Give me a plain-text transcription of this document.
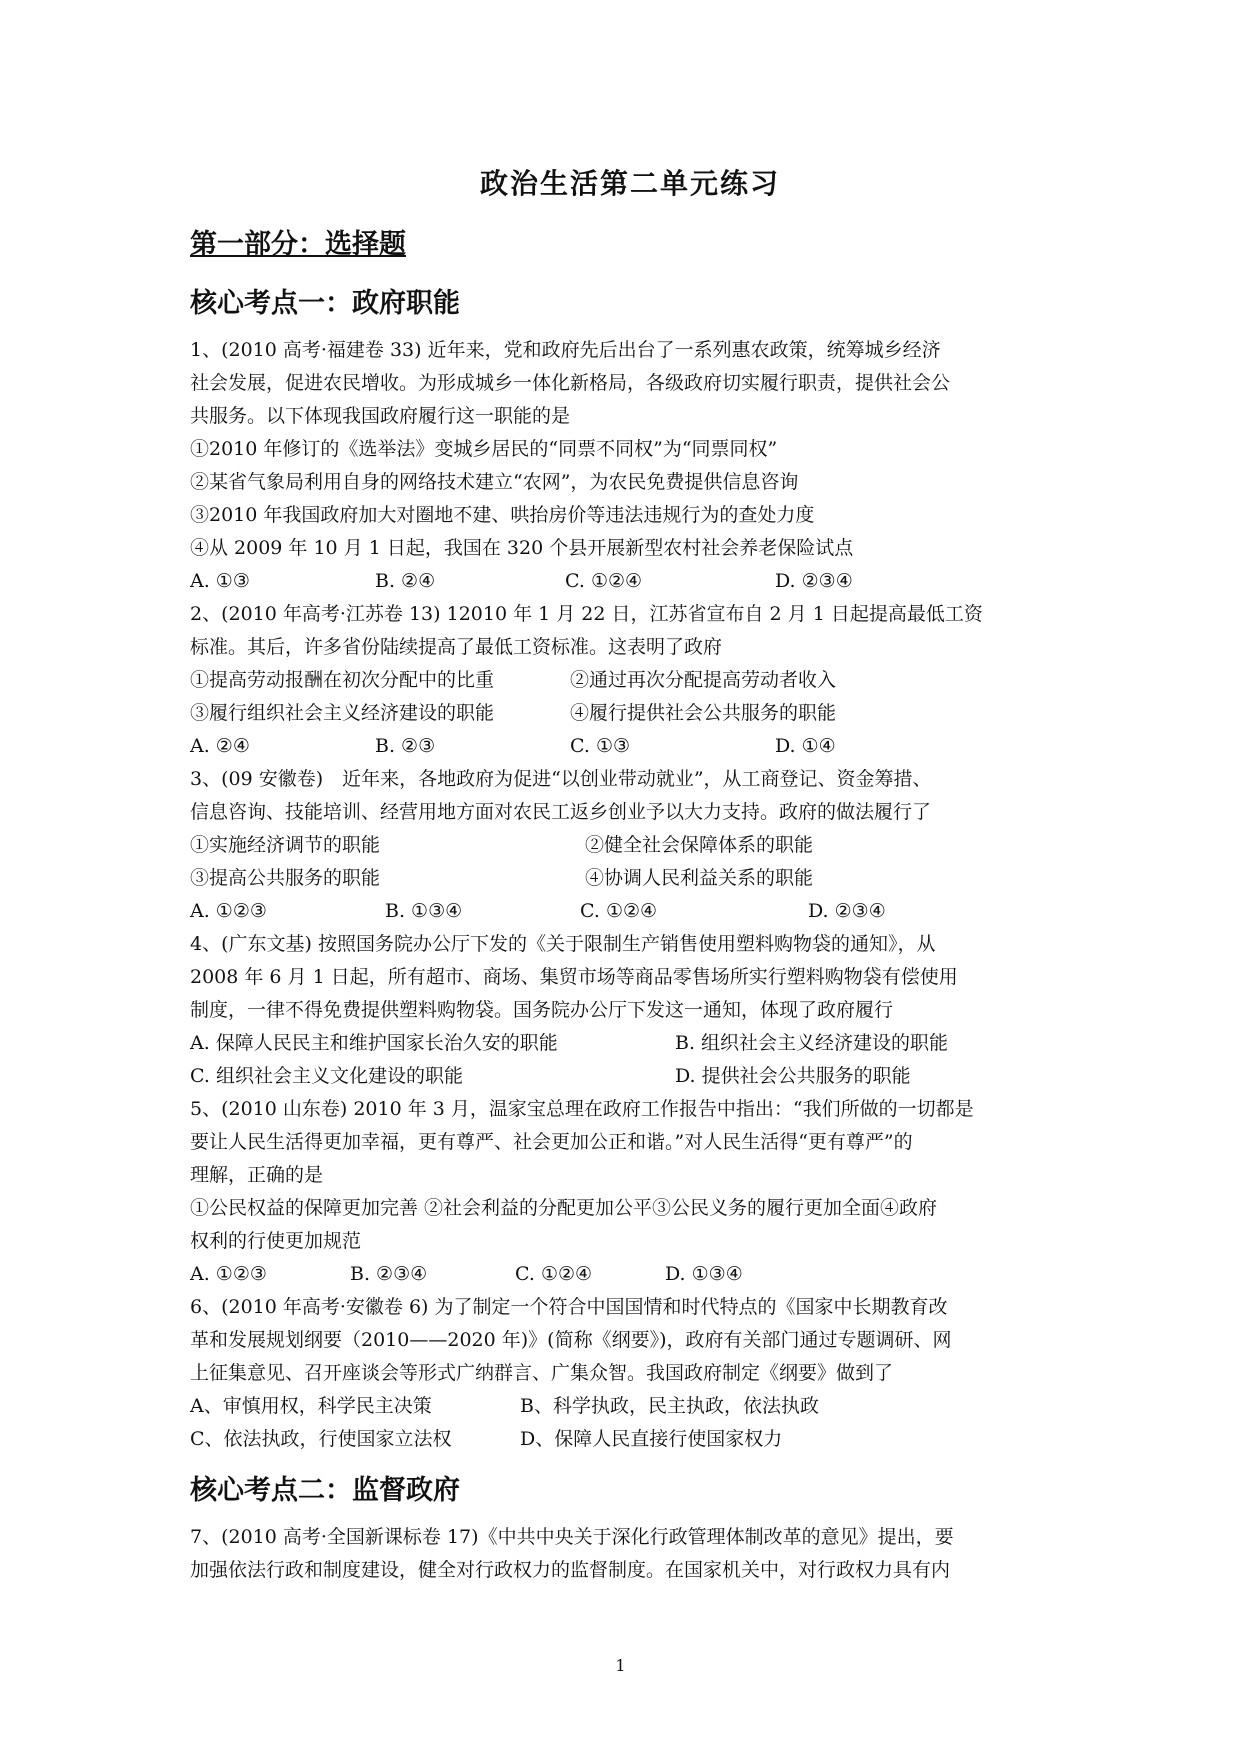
政治生活第二单元练习
第一部分：选择题
核心考点一：政府职能

1、(2010 高考·福建卷 33) 近年来，党和政府先后出台了一系列惠农政策，统筹城乡经济

社会发展，促进农民增收。为形成城乡一体化新格局，各级政府切实履行职责，提供社会公

共服务。以下体现我国政府履行这一职能的是

①2010 年修订的《选举法》变城乡居民的“同票不同权”为“同票同权”

②某省气象局利用自身的网络技术建立“农网”，为农民免费提供信息咨询

③2010 年我国政府加大对圈地不建、哄抬房价等违法违规行为的查处力度

④从 2009 年 10 月 1 日起，我国在 320 个县开展新型农村社会养老保险试点

A. ①③	B. ②④	C. ①②④	D. ②③④

2、(2010 年高考·江苏卷 13) 12010 年 1 月 22 日，江苏省宣布自 2 月 1 日起提高最低工资

标准。其后，许多省份陆续提高了最低工资标准。这表明了政府

①提高劳动报酬在初次分配中的比重	②通过再次分配提高劳动者收入
③履行组织社会主义经济建设的职能	④履行提供社会公共服务的职能
A. ②④	B. ②③	C. ①③	D. ①④

3、(09 安徽卷)　近年来，各地政府为促进“以创业带动就业”，从工商登记、资金筹措、

信息咨询、技能培训、经营用地方面对农民工返乡创业予以大力支持。政府的做法履行了

①实施经济调节的职能	②健全社会保障体系的职能
③提高公共服务的职能	④协调人民利益关系的职能
A. ①②③	B. ①③④	C. ①②④	D. ②③④

4、(广东文基) 按照国务院办公厅下发的《关于限制生产销售使用塑料购物袋的通知》，从

2008 年 6 月 1 日起，所有超市、商场、集贸市场等商品零售场所实行塑料购物袋有偿使用

制度，一律不得免费提供塑料购物袋。国务院办公厅下发这一通知，体现了政府履行

A. 保障人民民主和维护国家长治久安的职能	B. 组织社会主义经济建设的职能
C. 组织社会主义文化建设的职能	D. 提供社会公共服务的职能

5、(2010 山东卷) 2010 年 3 月，温家宝总理在政府工作报告中指出：“我们所做的一切都是

要让人民生活得更加幸福，更有尊严、社会更加公正和谐。”对人民生活得“更有尊严”的

理解，正确的是

①公民权益的保障更加完善 ②社会利益的分配更加公平③公民义务的履行更加全面④政府

权利的行使更加规范

A. ①②③	B. ②③④	C. ①②④	D. ①③④

6、(2010 年高考·安徽卷 6) 为了制定一个符合中国国情和时代特点的《国家中长期教育改

革和发展规划纲要（2010——2020 年)》(简称《纲要》)，政府有关部门通过专题调研、网

上征集意见、召开座谈会等形式广纳群言、广集众智。我国政府制定《纲要》做到了

A、审慎用权，科学民主决策	B、科学执政，民主执政，依法执政
C、依法执政，行使国家立法权	D、保障人民直接行使国家权力
核心考点二：监督政府

7、(2010 高考·全国新课标卷 17)《中共中央关于深化行政管理体制改革的意见》提出，要

加强依法行政和制度建设，健全对行政权力的监督制度。在国家机关中，对行政权力具有内

1
